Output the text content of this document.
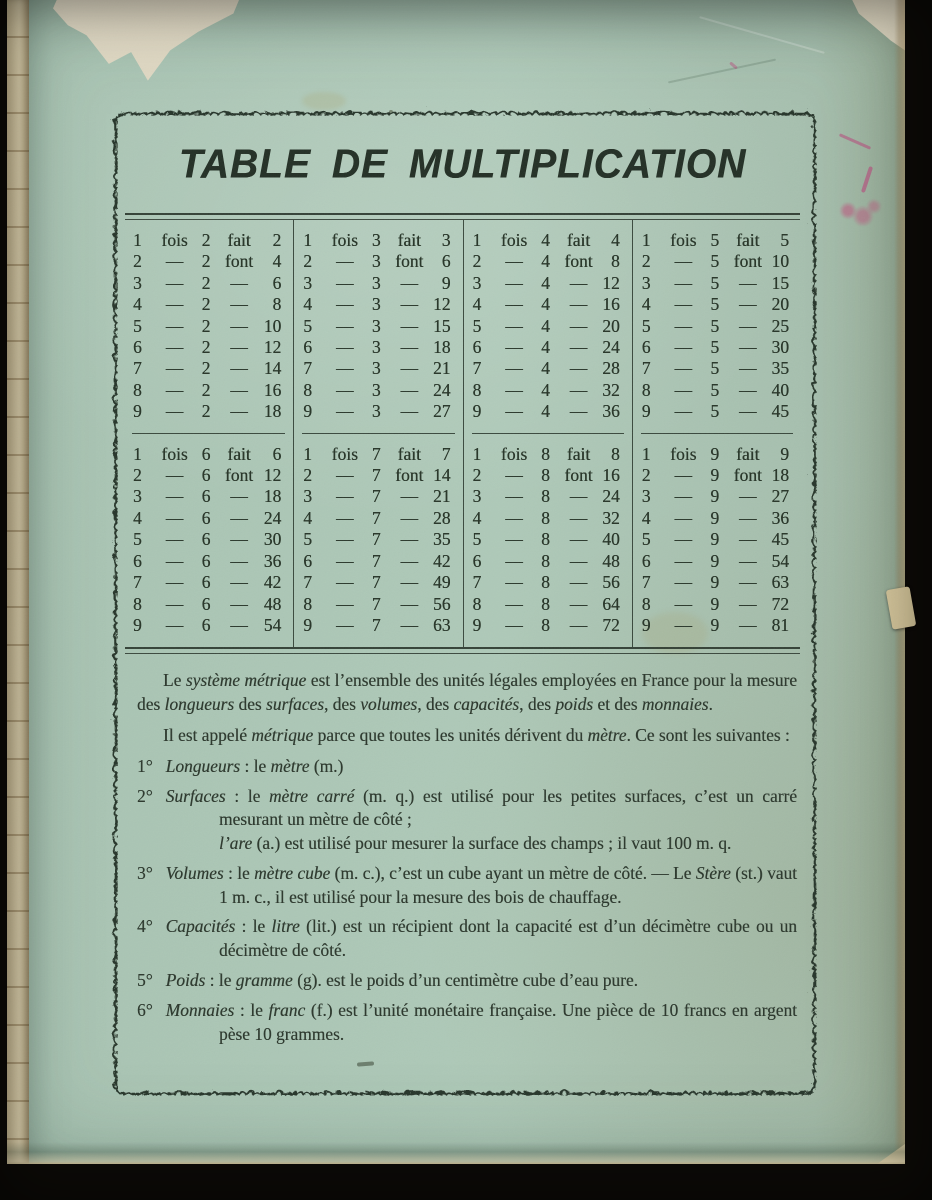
TABLE DE MULTIPLICATION
1	fois 2 fait	2
2	—	2 font	4
3	—	2	—	6
4	—	2	—	8
5	—	2	— 10
6	—	2	— 12
7	—	2	— 14
8	—	2	— 16
9	—	2	— 18
1	fois 3 fait	3
2	—	3 font	6
3	—	3	—	9
4	—	3	— 12
5	—	3	— 15
6	—	3	— 18
7	—	3	— 21
8	—	3	— 24
9	—	3	— 27
1	fois 4 fait	4
2	—	4 font	8
3	—	4	— 12
4	—	4	— 16
5	—	4	— 20
6	—	4	— 24
7	—	4	— 28
8	—	4	— 32
9	—	4	— 36
1	fois 5 fait	5
2	—	5 font 10
3	—	5	— 15
4	—	5	— 20
5	—	5	— 25
6	—	5	— 30
7	—	5	— 35
8	—	5	— 40
9	—	5	— 45
1	fois 6 fait	6
2	—	6 font 12
3	—	6	— 18
4	—	6	— 24
5	—	6	— 30
6	—	6	— 36
7	—	6	— 42
8	—	6	— 48
9	—	6	— 54
1	fois 7 fait	7
2	—	7 font 14
3	—	7	— 21
4	—	7	— 28
5	—	7	— 35
6	—	7	— 42
7	—	7	— 49
8	—	7	— 56
9	—	7	— 63
1	fois 8 fait	8
2	—	8 font 16
3	—	8	— 24
4	—	8	— 32
5	—	8	— 40
6	—	8	— 48
7	—	8	— 56
8	—	8	— 64
9	—	8	— 72
1	fois 9 fait	9
2	—	9 font 18
3	—	9	— 27
4	—	9	— 36
5	—	9	— 45
6	—	9	— 54
7	—	9	— 63
8	—	9	— 72
9	—	9	— 81

Le système métrique est l’ensemble des unités légales employées en France pour la mesure des longueurs des surfaces, des volumes, des capacités, des poids et des monnaies.

Il est appelé métrique parce que toutes les unités dérivent du mètre. Ce sont les suivantes :

1° Longueurs : le mètre (m.)
2° Surfaces : le mètre carré (m. q.) est utilisé pour les petites surfaces, c’est un carré mesurant un mètre de côté ;
l’are (a.) est utilisé pour mesurer la surface des champs ; il vaut 100 m. q.
3° Volumes : le mètre cube (m. c.), c’est un cube ayant un mètre de côté. — Le Stère (st.) vaut 1 m. c., il est utilisé pour la mesure des bois de chauffage.
4° Capacités : le litre (lit.) est un récipient dont la capacité est d’un décimètre cube ou un décimètre de côté.
5° Poids : le gramme (g). est le poids d’un centimètre cube d’eau pure.
6° Monnaies : le franc (f.) est l’unité monétaire française. Une pièce de 10 francs en argent pèse 10 grammes.
